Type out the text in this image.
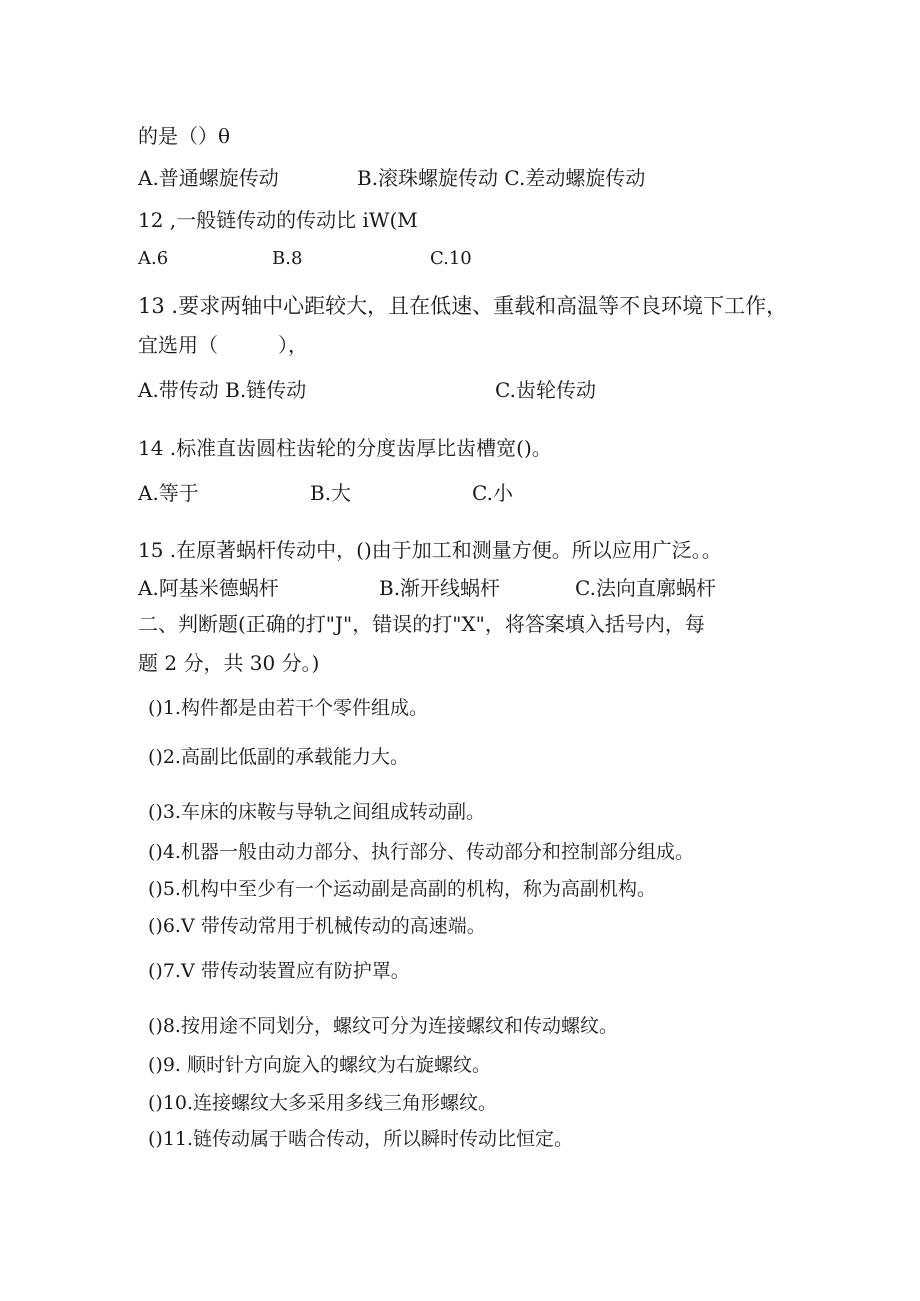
的是（）θ
A.普通螺旋传动	B.滚珠螺旋传动 C.差动螺旋传动
12 ,一般链传动的传动比 iW(M
A.6	B.8	C.10
13 .要求两轴中心距较大，且在低速、重载和高温等不良环境下工作，
宜选用（　　　），
A.带传动 B.链传动	C.齿轮传动
14 .标准直齿圆柱齿轮的分度齿厚比齿槽宽()。
A.等于	B.大	C.小
15 .在原著蜗杆传动中，()由于加工和测量方便。所以应用广泛。。
A.阿基米德蜗杆	B.渐开线蜗杆	C.法向直廓蜗杆
二、判断题(正确的打"J"，错误的打"X"，将答案填入括号内，每
题 2 分，共 30 分。)
()1.构件都是由若干个零件组成。
()2.高副比低副的承载能力大。
()3.车床的床鞍与导轨之间组成转动副。
()4.机器一般由动力部分、执行部分、传动部分和控制部分组成。
()5.机构中至少有一个运动副是高副的机构，称为高副机构。
()6.V 带传动常用于机械传动的高速端。
()7.V 带传动装置应有防护罩。
()8.按用途不同划分，螺纹可分为连接螺纹和传动螺纹。
()9. 顺时针方向旋入的螺纹为右旋螺纹。
()10.连接螺纹大多采用多线三角形螺纹。
()11.链传动属于啮合传动，所以瞬时传动比恒定。
